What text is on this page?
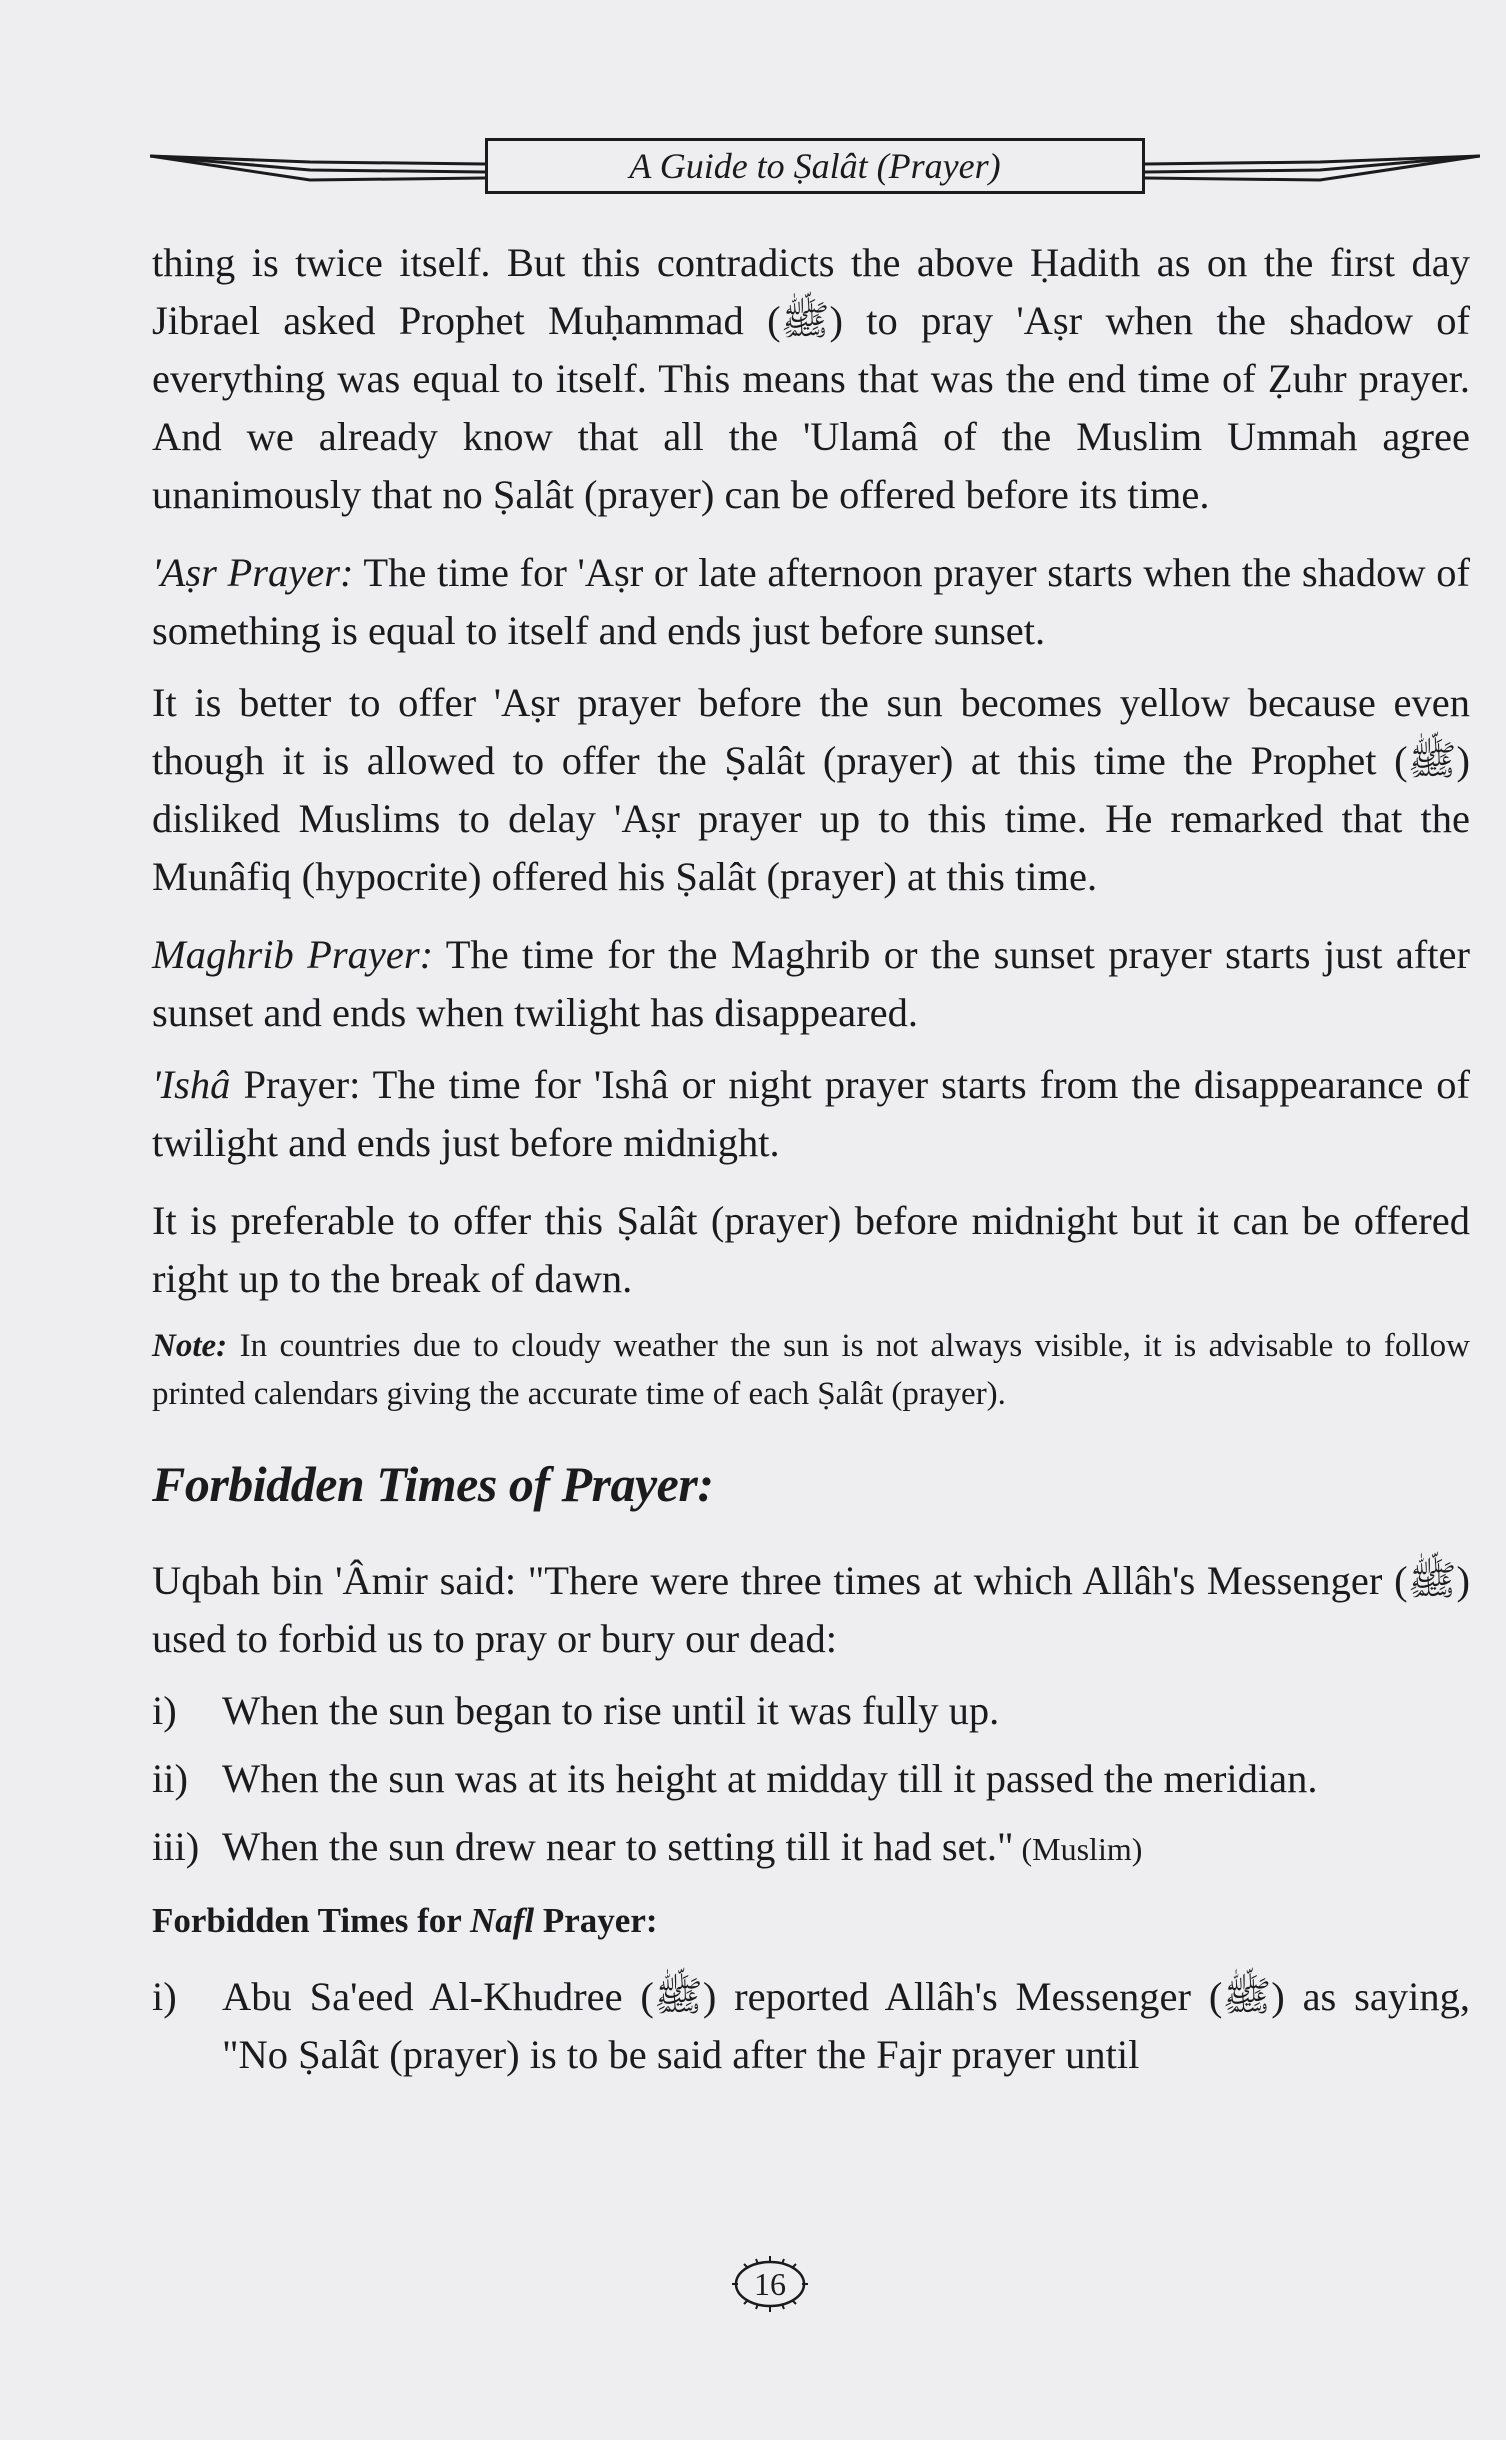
A Guide to Ṣalât (Prayer)

thing is twice itself. But this contradicts the above Ḥadith as on the first day Jibrael asked Prophet Muḥammad (ﷺ) to pray 'Aṣr when the shadow of everything was equal to itself. This means that was the end time of Ẓuhr prayer. And we already know that all the 'Ulamâ of the Muslim Ummah agree unanimously that no Ṣalât (prayer) can be offered before its time.

'Aṣr Prayer: The time for 'Aṣr or late afternoon prayer starts when the shadow of something is equal to itself and ends just before sunset.

It is better to offer 'Aṣr prayer before the sun becomes yellow because even though it is allowed to offer the Ṣalât (prayer) at this time the Prophet (ﷺ) disliked Muslims to delay 'Aṣr prayer up to this time. He remarked that the Munâfiq (hypocrite) offered his Ṣalât (prayer) at this time.

Maghrib Prayer: The time for the Maghrib or the sunset prayer starts just after sunset and ends when twilight has disappeared.

'Ishâ Prayer: The time for 'Ishâ or night prayer starts from the disappearance of twilight and ends just before midnight.

It is preferable to offer this Ṣalât (prayer) before midnight but it can be offered right up to the break of dawn.

Note: In countries due to cloudy weather the sun is not always visible, it is advisable to follow printed calendars giving the accurate time of each Ṣalât (prayer).

Forbidden Times of Prayer:

Uqbah bin 'Âmir said: "There were three times at which Allâh's Messenger (ﷺ) used to forbid us to pray or bury our dead:

i)	When the sun began to rise until it was fully up.
ii) When the sun was at its height at midday till it passed the meridian.
iii) When the sun drew near to setting till it had set." (Muslim)
Forbidden Times for Nafl Prayer:
i)	Abu Sa'eed Al-Khudree (ﷺ) reported Allâh's Messenger (ﷺ) as saying, "No Ṣalât (prayer) is to be said after the Fajr prayer until
16
